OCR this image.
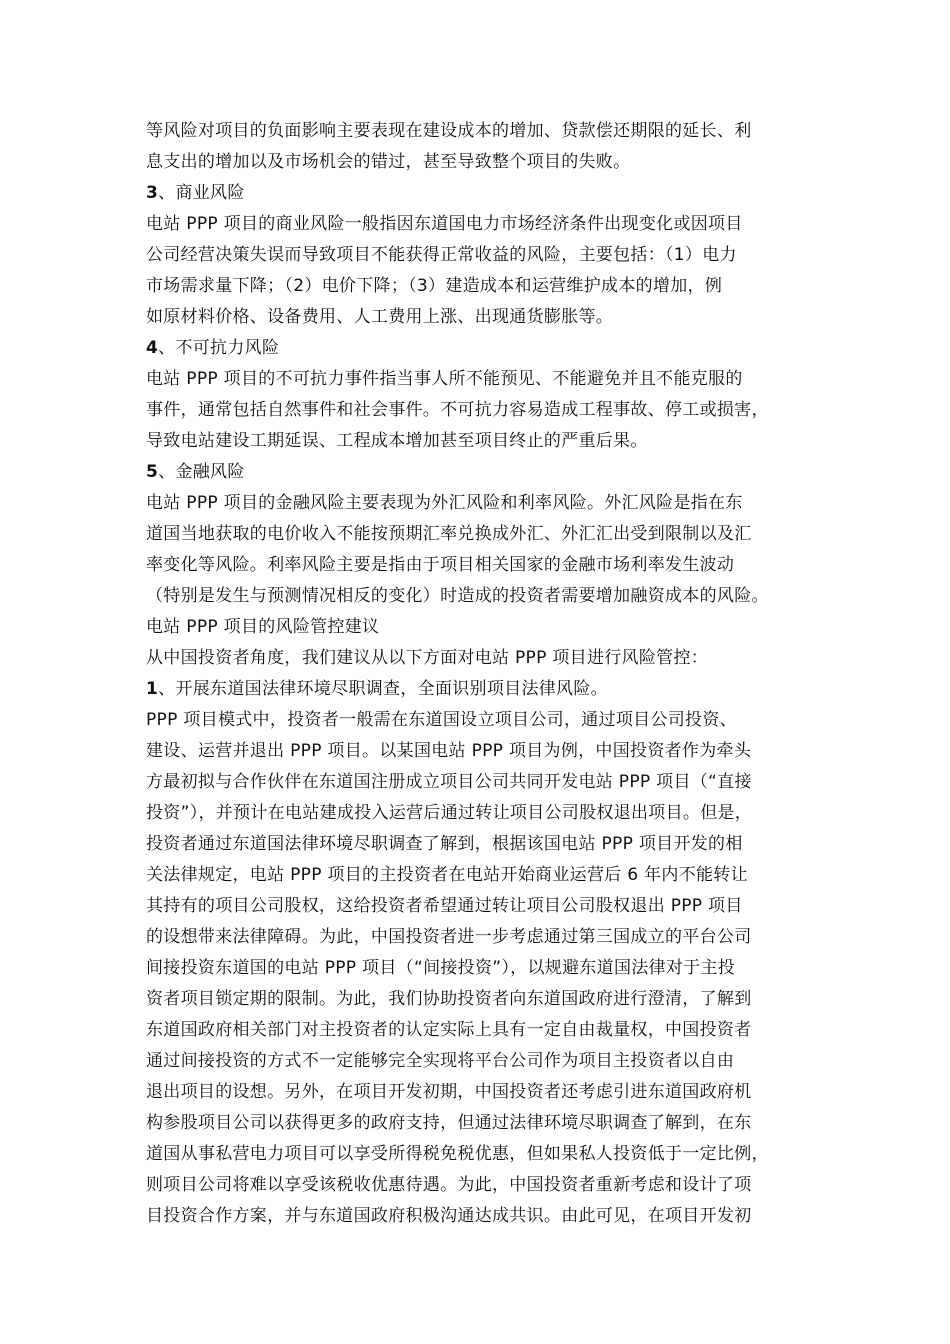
等风险对项目的负面影响主要表现在建设成本的增加、贷款偿还期限的延长、利
息支出的增加以及市场机会的错过，甚至导致整个项目的失败。
3、商业风险
电站 PPP 项目的商业风险一般指因东道国电力市场经济条件出现变化或因项目
公司经营决策失误而导致项目不能获得正常收益的风险，主要包括：（1）电力
市场需求量下降；（2）电价下降；（3）建造成本和运营维护成本的增加，例
如原材料价格、设备费用、人工费用上涨、出现通货膨胀等。
4、不可抗力风险
电站 PPP 项目的不可抗力事件指当事人所不能预见、不能避免并且不能克服的
事件，通常包括自然事件和社会事件。不可抗力容易造成工程事故、停工或损害，
导致电站建设工期延误、工程成本增加甚至项目终止的严重后果。
5、金融风险
电站 PPP 项目的金融风险主要表现为外汇风险和利率风险。外汇风险是指在东
道国当地获取的电价收入不能按预期汇率兑换成外汇、外汇汇出受到限制以及汇
率变化等风险。利率风险主要是指由于项目相关国家的金融市场利率发生波动
（特别是发生与预测情况相反的变化）时造成的投资者需要增加融资成本的风险。
电站 PPP 项目的风险管控建议
从中国投资者角度，我们建议从以下方面对电站 PPP 项目进行风险管控：
1、开展东道国法律环境尽职调查，全面识别项目法律风险。
PPP 项目模式中，投资者一般需在东道国设立项目公司，通过项目公司投资、
建设、运营并退出 PPP 项目。以某国电站 PPP 项目为例，中国投资者作为牵头
方最初拟与合作伙伴在东道国注册成立项目公司共同开发电站 PPP 项目（“直接
投资”），并预计在电站建成投入运营后通过转让项目公司股权退出项目。但是，
投资者通过东道国法律环境尽职调查了解到，根据该国电站 PPP 项目开发的相
关法律规定，电站 PPP 项目的主投资者在电站开始商业运营后 6 年内不能转让
其持有的项目公司股权，这给投资者希望通过转让项目公司股权退出 PPP 项目
的设想带来法律障碍。为此，中国投资者进一步考虑通过第三国成立的平台公司
间接投资东道国的电站 PPP 项目（“间接投资”），以规避东道国法律对于主投
资者项目锁定期的限制。为此，我们协助投资者向东道国政府进行澄清，了解到
东道国政府相关部门对主投资者的认定实际上具有一定自由裁量权，中国投资者
通过间接投资的方式不一定能够完全实现将平台公司作为项目主投资者以自由
退出项目的设想。另外，在项目开发初期，中国投资者还考虑引进东道国政府机
构参股项目公司以获得更多的政府支持，但通过法律环境尽职调查了解到，在东
道国从事私营电力项目可以享受所得税免税优惠，但如果私人投资低于一定比例，
则项目公司将难以享受该税收优惠待遇。为此，中国投资者重新考虑和设计了项
目投资合作方案，并与东道国政府积极沟通达成共识。由此可见，在项目开发初
